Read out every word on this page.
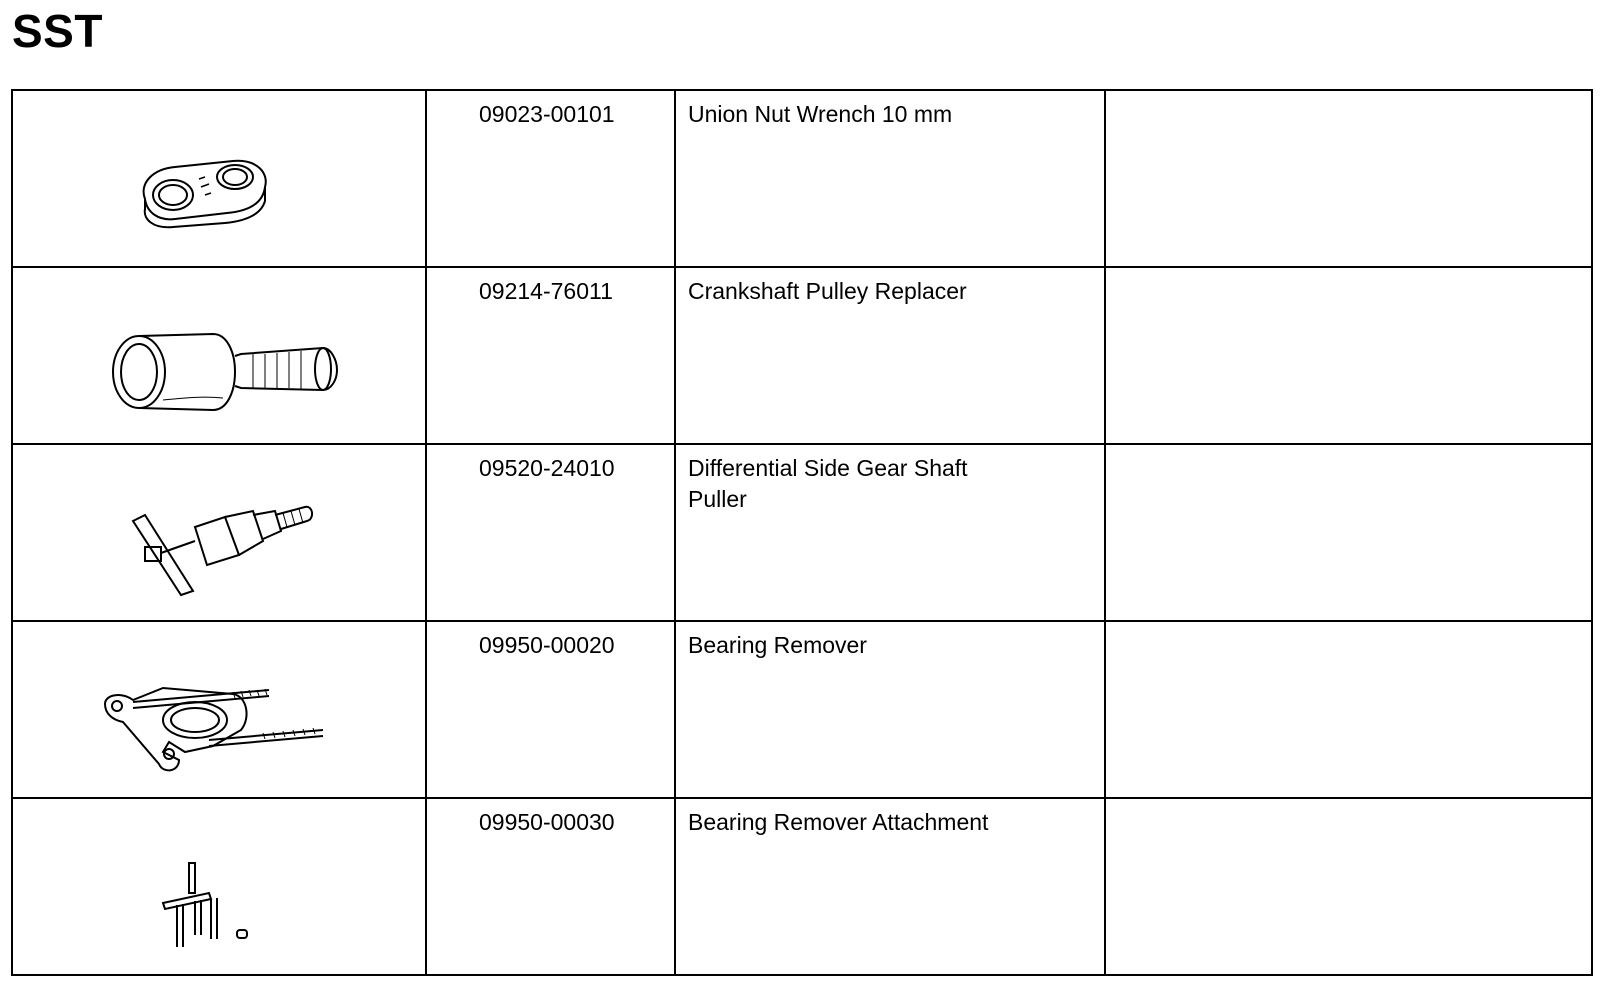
SST

09023-00101	Union Nut Wrench 10 mm	

09214-76011	Crankshaft Pulley Replacer	

09520-24010	Differential Side Gear Shaft Puller	

09950-00020	Bearing Remover	

09950-00030	Bearing Remover Attachment	
